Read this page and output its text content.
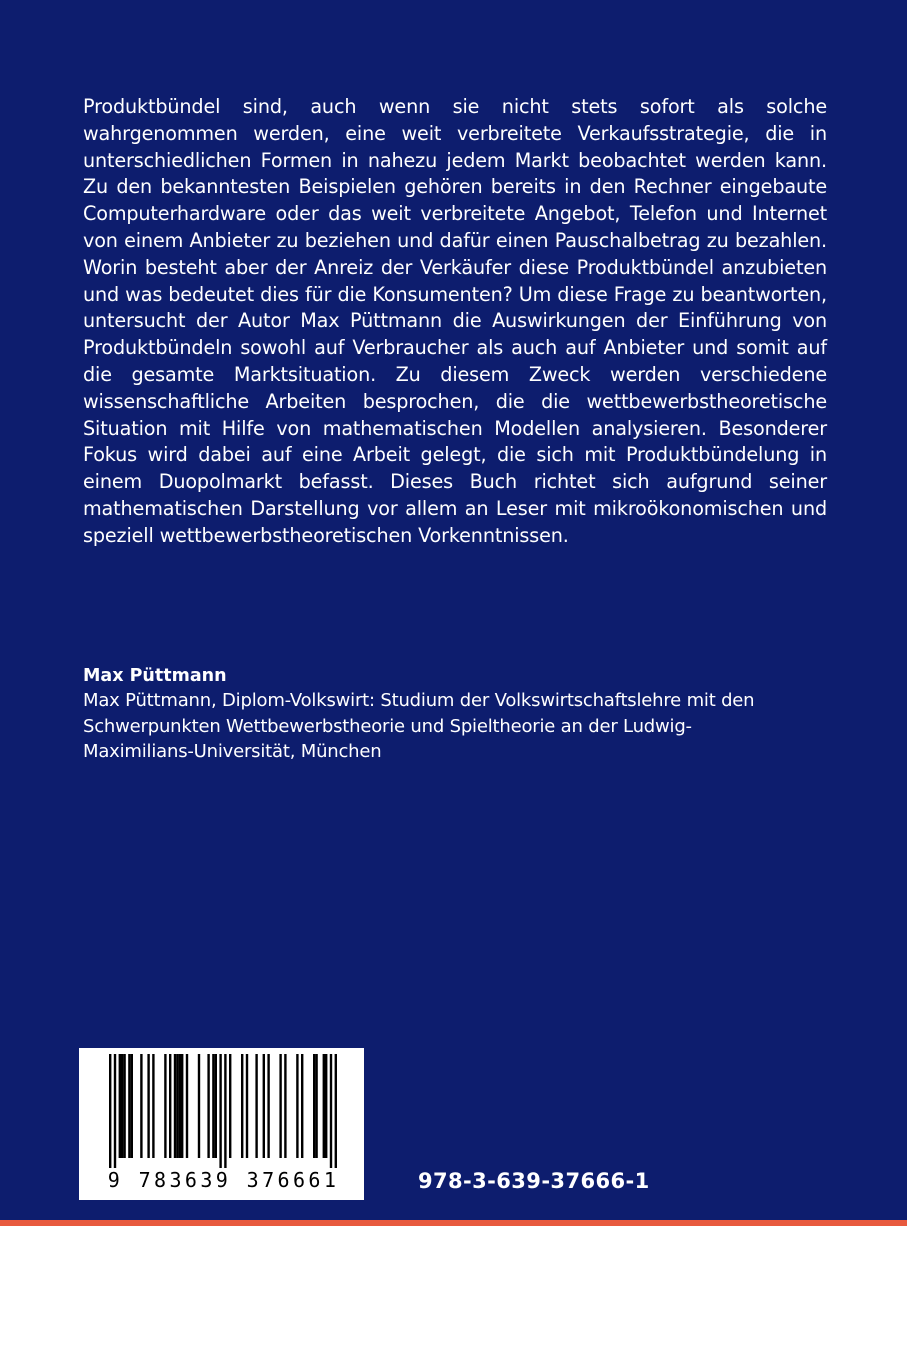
Produktbündel sind, auch wenn sie nicht stets sofort als solche wahrgenommen werden, eine weit verbreitete Verkaufsstrategie, die in unterschiedlichen Formen in nahezu jedem Markt beobachtet werden kann. Zu den bekanntesten Beispielen gehören bereits in den Rechner eingebaute Computerhardware oder das weit verbreitete Angebot, Telefon und Internet von einem Anbieter zu beziehen und dafür einen Pauschalbetrag zu bezahlen. Worin besteht aber der Anreiz der Verkäufer diese Produktbündel anzubieten und was bedeutet dies für die Konsumenten? Um diese Frage zu beantworten, untersucht der Autor Max Püttmann die Auswirkungen der Einführung von Produktbündeln sowohl auf Verbraucher als auch auf Anbieter und somit auf die gesamte Marktsituation. Zu diesem Zweck werden verschiedene wissenschaftliche Arbeiten besprochen, die die wettbewerbstheoretische Situation mit Hilfe von mathematischen Modellen analysieren. Besonderer Fokus wird dabei auf eine Arbeit gelegt, die sich mit Produktbündelung in einem Duopolmarkt befasst. Dieses Buch richtet sich aufgrund seiner mathematischen Darstellung vor allem an Leser mit mikroökonomischen und speziell wettbewerbstheoretischen Vorkenntnissen.

Max Püttmann

Max Püttmann, Diplom-Volkswirt: Studium der Volkswirtschaftslehre mit den
Schwerpunkten Wettbewerbstheorie und Spieltheorie an der Ludwig-
Maximilians-Universität, München
9 783639 376661	978-3-639-37666-1
